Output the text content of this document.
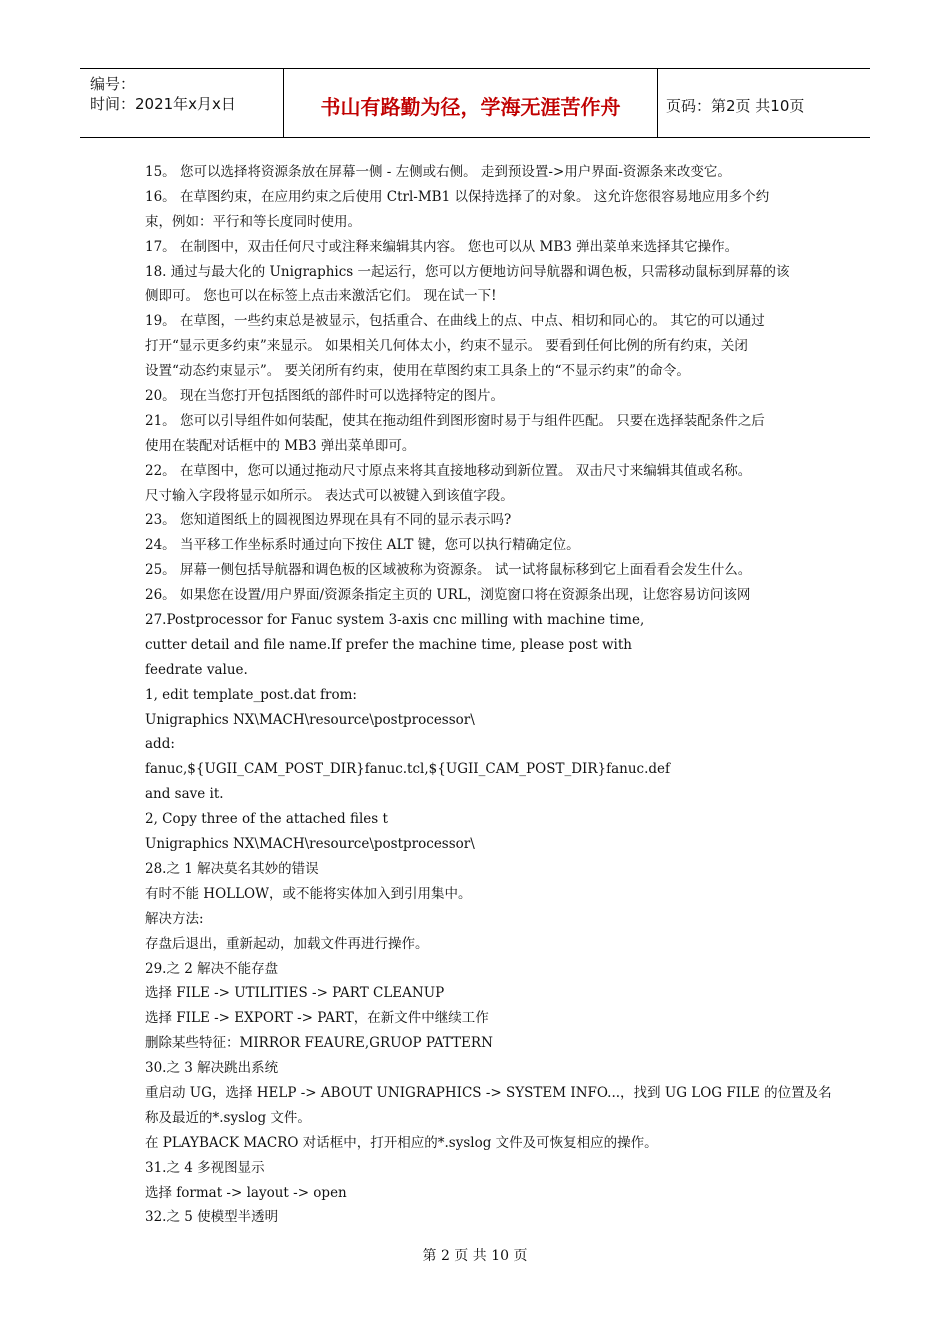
编号：
时间：2021年x月x日	书山有路勤为径，学海无涯苦作舟	页码：第2页 共10页
15。 您可以选择将资源条放在屏幕一侧 - 左侧或右侧。 走到预设置->用户界面-资源条来改变它。
16。 在草图约束，在应用约束之后使用 Ctrl-MB1 以保持选择了的对象。 这允许您很容易地应用多个约
束，例如：平行和等长度同时使用。
17。 在制图中，双击任何尺寸或注释来编辑其内容。 您也可以从 MB3 弹出菜单来选择其它操作。
18. 通过与最大化的 Unigraphics 一起运行，您可以方便地访问导航器和调色板，只需移动鼠标到屏幕的该
侧即可。 您也可以在标签上点击来激活它们。 现在试一下!
19。 在草图，一些约束总是被显示，包括重合、在曲线上的点、中点、相切和同心的。 其它的可以通过
打开“显示更多约束”来显示。 如果相关几何体太小，约束不显示。 要看到任何比例的所有约束，关闭
设置“动态约束显示”。 要关闭所有约束，使用在草图约束工具条上的“不显示约束”的命令。
20。 现在当您打开包括图纸的部件时可以选择特定的图片。
21。 您可以引导组件如何装配，使其在拖动组件到图形窗时易于与组件匹配。 只要在选择装配条件之后
使用在装配对话框中的 MB3 弹出菜单即可。
22。 在草图中，您可以通过拖动尺寸原点来将其直接地移动到新位置。 双击尺寸来编辑其值或名称。
尺寸输入字段将显示如所示。 表达式可以被键入到该值字段。
23。 您知道图纸上的圆视图边界现在具有不同的显示表示吗?
24。 当平移工作坐标系时通过向下按住 ALT 键，您可以执行精确定位。
25。 屏幕一侧包括导航器和调色板的区域被称为资源条。 试一试将鼠标移到它上面看看会发生什么。
26。 如果您在设置/用户界面/资源条指定主页的 URL，浏览窗口将在资源条出现，让您容易访问该网
27.Postprocessor for Fanuc system 3-axis cnc milling with machine time,
cutter detail and file name.If prefer the machine time, please post with
feedrate value.
1, edit template_post.dat from:
Unigraphics NX\MACH\resource\postprocessor\
add:
fanuc,${UGII_CAM_POST_DIR}fanuc.tcl,${UGII_CAM_POST_DIR}fanuc.def
and save it.
2, Copy three of the attached files t
Unigraphics NX\MACH\resource\postprocessor\
28.之 1 解决莫名其妙的错误
有时不能 HOLLOW，或不能将实体加入到引用集中。
解决方法:
存盘后退出，重新起动，加载文件再进行操作。
29.之 2 解决不能存盘
选择 FILE -> UTILITIES -> PART CLEANUP
选择 FILE -> EXPORT -> PART，在新文件中继续工作
删除某些特征：MIRROR FEAURE,GRUOP PATTERN
30.之 3 解决跳出系统
重启动 UG，选择 HELP -> ABOUT UNIGRAPHICS -> SYSTEM INFO...，找到 UG LOG FILE 的位置及名
称及最近的*.syslog 文件。
在 PLAYBACK MACRO 对话框中，打开相应的*.syslog 文件及可恢复相应的操作。
31.之 4 多视图显示
选择 format -> layout -> open
32.之 5 使模型半透明
第 2 页 共 10 页
